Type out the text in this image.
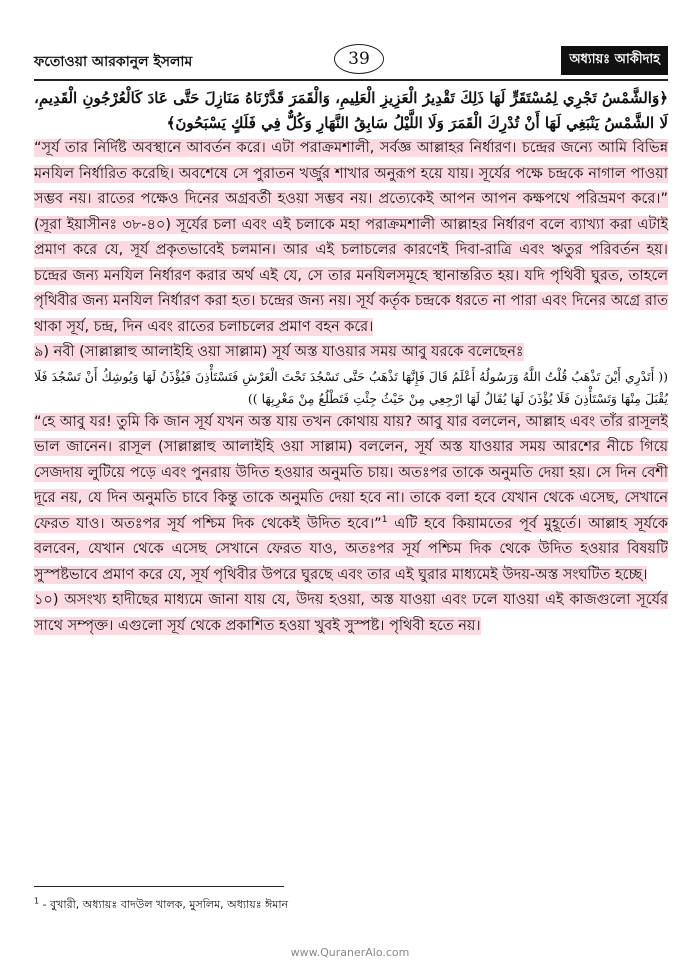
ফতোওয়া আরকানুল ইসলাম	39	অধ্যায়ঃ আকীদাহ

﴿وَالشَّمْسُ تَجْرِي لِمُسْتَقَرٍّ لَهَا ذَلِكَ تَقْدِيرُ الْعَزِيزِ الْعَلِيمِ، وَالْقَمَرَ قَدَّرْنَاهُ مَنَازِلَ حَتَّى عَادَ كَالْعُرْجُونِ الْقَدِيمِ، لَا الشَّمْسُ يَنْبَغِي لَهَا أَنْ تُدْرِكَ الْقَمَرَ وَلَا اللَّيْلُ سَابِقُ النَّهَارِ وَكُلٌّ فِي فَلَكٍ يَسْبَحُونَ﴾

“সূর্য তার নির্দিষ্ট অবস্থানে আবর্তন করে। এটা পরাক্রমশালী, সর্বজ্ঞ আল্লাহর নির্ধারণ। চন্দ্রের জন্যে আমি বিভিন্ন মনযিল নির্ধারিত করেছি। অবশেষে সে পুরাতন খর্জুর শাখার অনুরূপ হয়ে যায়। সূর্যের পক্ষে চন্দ্রকে নাগাল পাওয়া সম্ভব নয়। রাতের পক্ষেও দিনের অগ্রবর্তী হওয়া সম্ভব নয়। প্রত্যেকেই আপন আপন কক্ষপথে পরিভ্রমণ করে।” (সূরা ইয়াসীনঃ ৩৮-৪০) সূর্যের চলা এবং এই চলাকে মহা পরাক্রমশালী আল্লাহর নির্ধারণ বলে ব্যাখ্যা করা এটাই প্রমাণ করে যে, সূর্য প্রকৃতভাবেই চলমান। আর এই চলাচলের কারণেই দিবা-রাত্রি এবং ঋতুর পরিবর্তন হয়। চন্দ্রের জন্য মনযিল নির্ধারণ করার অর্থ এই যে, সে তার মনযিলসমূহে স্থানান্তরিত হয়। যদি পৃথিবী ঘুরত, তাহলে পৃথিবীর জন্য মনযিল নির্ধারণ করা হত। চন্দ্রের জন্য নয়। সূর্য কর্তৃক চন্দ্রকে ধরতে না পারা এবং দিনের অগ্রে রাত থাকা সূর্য, চন্দ্র, দিন এবং রাতের চলাচলের প্রমাণ বহন করে।

৯) নবী (সাল্লাল্লাহু আলাইহি ওয়া সাল্লাম) সূর্য অস্ত যাওয়ার সময় আবু যরকে বলেছেনঃ

(( أَتَدْرِي أَيْنَ تَذْهَبُ قُلْتُ اللَّهُ وَرَسُولُهُ أَعْلَمُ قَالَ فَإِنَّهَا تَذْهَبُ حَتَّى تَسْجُدَ تَحْتَ الْعَرْشِ فَتَسْتَأْذِنَ فَيُؤْذَنُ لَهَا وَيُوشِكُ أَنْ تَسْجُدَ فَلَا يُقْبَلَ مِنْهَا وَتَسْتَأْذِنَ فَلَا يُؤْذَنَ لَهَا يُقَالُ لَهَا ارْجِعِي مِنْ حَيْثُ جِئْتِ فَتَطْلُعُ مِنْ مَغْرِبِهَا ))

“হে আবু যর! তুমি কি জান সূর্য যখন অস্ত যায় তখন কোথায় যায়? আবু যার বললেন, আল্লাহ এবং তাঁর রাসূলই ভাল জানেন। রাসূল (সাল্লাল্লাহু আলাইহি ওয়া সাল্লাম) বললেন, সূর্য অস্ত যাওয়ার সময় আরশের নীচে গিয়ে সেজদায় লুটিয়ে পড়ে এবং পুনরায় উদিত হওয়ার অনুমতি চায়। অতঃপর তাকে অনুমতি দেয়া হয়। সে দিন বেশী দূরে নয়, যে দিন অনুমতি চাবে কিন্তু তাকে অনুমতি দেয়া হবে না। তাকে বলা হবে যেখান থেকে এসেছ, সেখানে ফেরত যাও। অতঃপর সূর্য পশ্চিম দিক থেকেই উদিত হবে।”$^1$ এটি হবে কিয়ামতের পূর্ব মুহূর্তে। আল্লাহ সূর্যকে বলবেন, যেখান থেকে এসেছ সেখানে ফেরত যাও, অতঃপর সূর্য পশ্চিম দিক থেকে উদিত হওয়ার বিষয়টি সুস্পষ্টভাবে প্রমাণ করে যে, সূর্য পৃথিবীর উপরে ঘুরছে এবং তার এই ঘুরার মাধ্যমেই উদয়-অস্ত সংঘটিত হচ্ছে।

১০) অসংখ্য হাদীছের মাধ্যমে জানা যায় যে, উদয় হওয়া, অস্ত যাওয়া এবং ঢলে যাওয়া এই কাজগুলো সূর্যের সাথে সম্পৃক্ত। এগুলো সূর্য থেকে প্রকাশিত হওয়া খুবই সুস্পষ্ট। পৃথিবী হতে নয়।

$^1$ - বুখারী, অধ্যায়ঃ বাদউল খালক, মুসলিম, অধ্যায়ঃ ঈমান
www.QuranerAlo.com
